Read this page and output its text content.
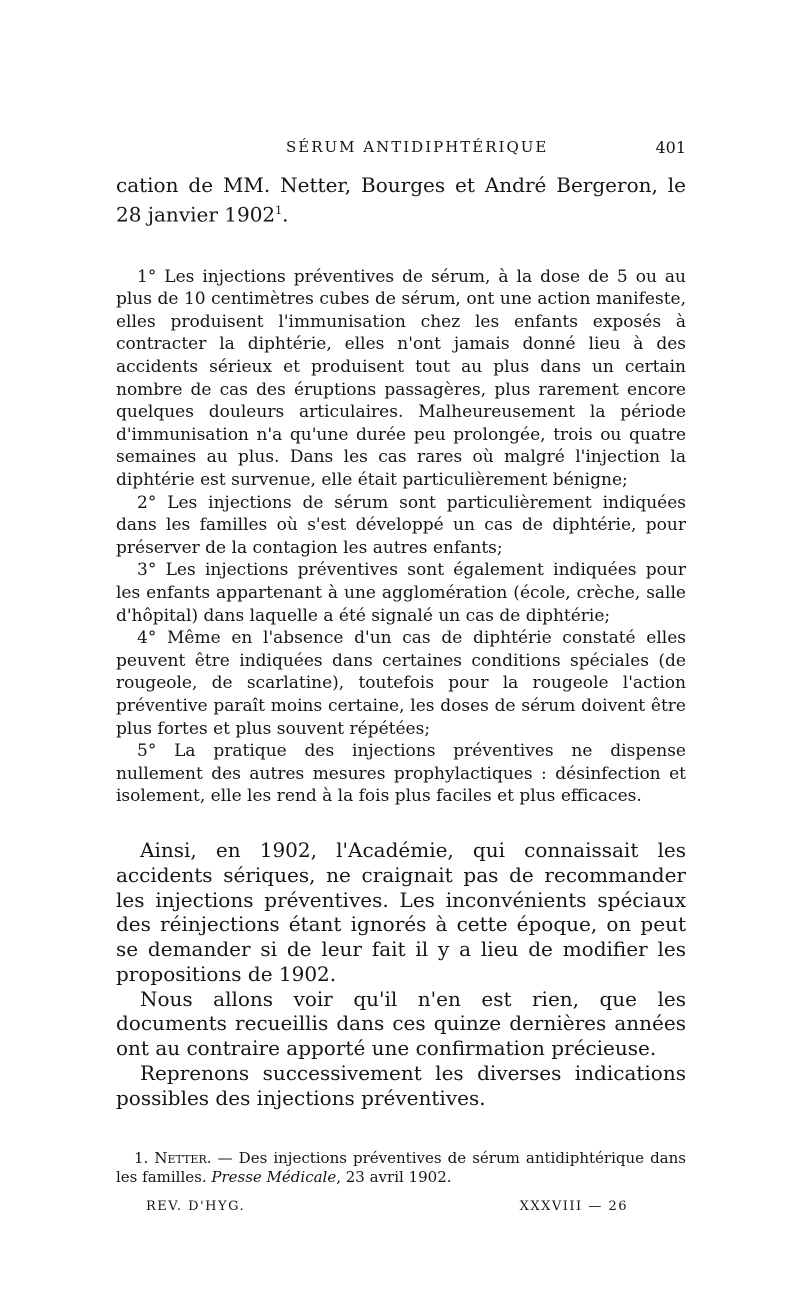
SÉRUM ANTIDIPHTÉRIQUE	401

cation de MM. Netter, Bourges et André Bergeron, le 28 janvier 1902$^1$.

1° Les injections préventives de sérum, à la dose de 5 ou au plus de 10 centimètres cubes de sérum, ont une action manifeste, elles produisent l'immunisation chez les enfants exposés à contracter la diphtérie, elles n'ont jamais donné lieu à des accidents sérieux et produisent tout au plus dans un certain nombre de cas des éruptions passagères, plus rarement encore quelques douleurs articulaires. Malheureusement la période d'immunisation n'a qu'une durée peu prolongée, trois ou quatre semaines au plus. Dans les cas rares où malgré l'injection la diphtérie est survenue, elle était particulièrement bénigne;

2° Les injections de sérum sont particulièrement indiquées dans les familles où s'est développé un cas de diphtérie, pour préserver de la contagion les autres enfants;

3° Les injections préventives sont également indiquées pour les enfants appartenant à une agglomération (école, crèche, salle d'hôpital) dans laquelle a été signalé un cas de diphtérie;

4° Même en l'absence d'un cas de diphtérie constaté elles peuvent être indiquées dans certaines conditions spéciales (de rougeole, de scarlatine), toutefois pour la rougeole l'action préventive paraît moins certaine, les doses de sérum doivent être plus fortes et plus souvent répétées;

5° La pratique des injections préventives ne dispense nullement des autres mesures prophylactiques : désinfection et isolement, elle les rend à la fois plus faciles et plus efficaces.

Ainsi, en 1902, l'Académie, qui connaissait les accidents sériques, ne craignait pas de recommander les injections préventives. Les inconvénients spéciaux des réinjections étant ignorés à cette époque, on peut se demander si de leur fait il y a lieu de modifier les propositions de 1902.

Nous allons voir qu'il n'en est rien, que les documents recueillis dans ces quinze dernières années ont au contraire apporté une confirmation précieuse.

Reprenons successivement les diverses indications possibles des injections préventives.

1. Netter. — Des injections préventives de sérum antidiphtérique dans les familles. Presse Médicale, 23 avril 1902.

REV. D'HYG.	XXXVIII — 26
